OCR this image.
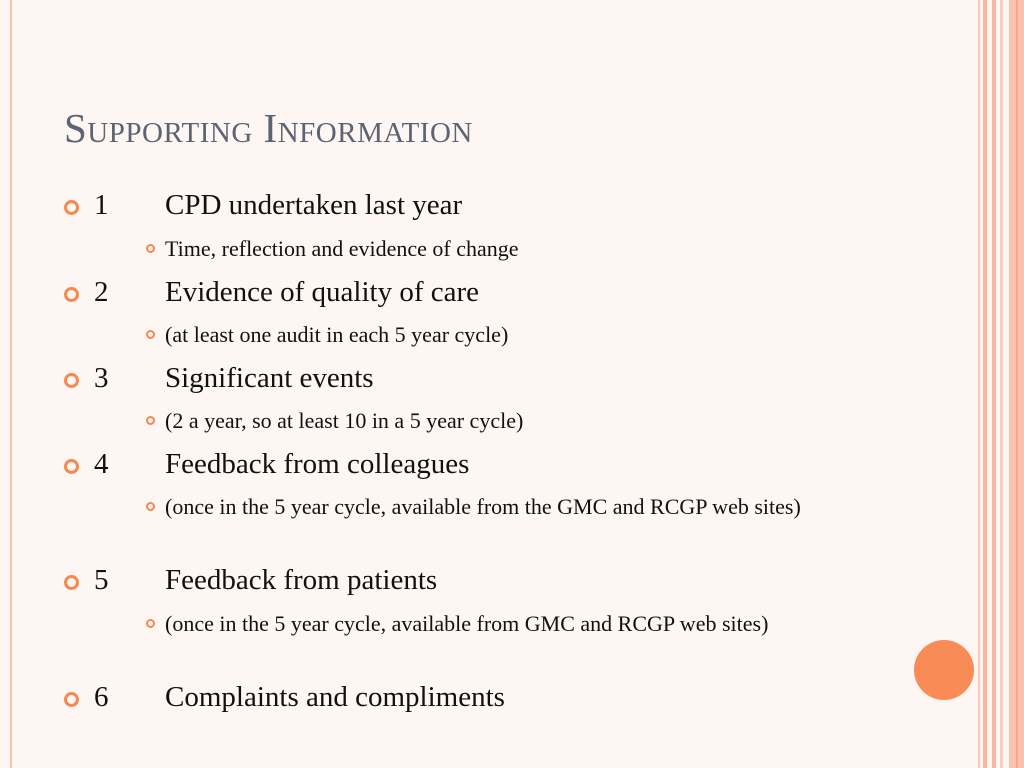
Supporting Information
1 CPD undertaken last year
Time, reflection and evidence of change
2 Evidence of quality of care
(at least one audit in each 5 year cycle)
3 Significant events
(2 a year, so at least 10 in a 5 year cycle)
4 Feedback from colleagues
(once in the 5 year cycle, available from the GMC and RCGP web sites)
5 Feedback from patients
(once in the 5 year cycle, available from GMC and RCGP web sites)
6 Complaints and compliments
